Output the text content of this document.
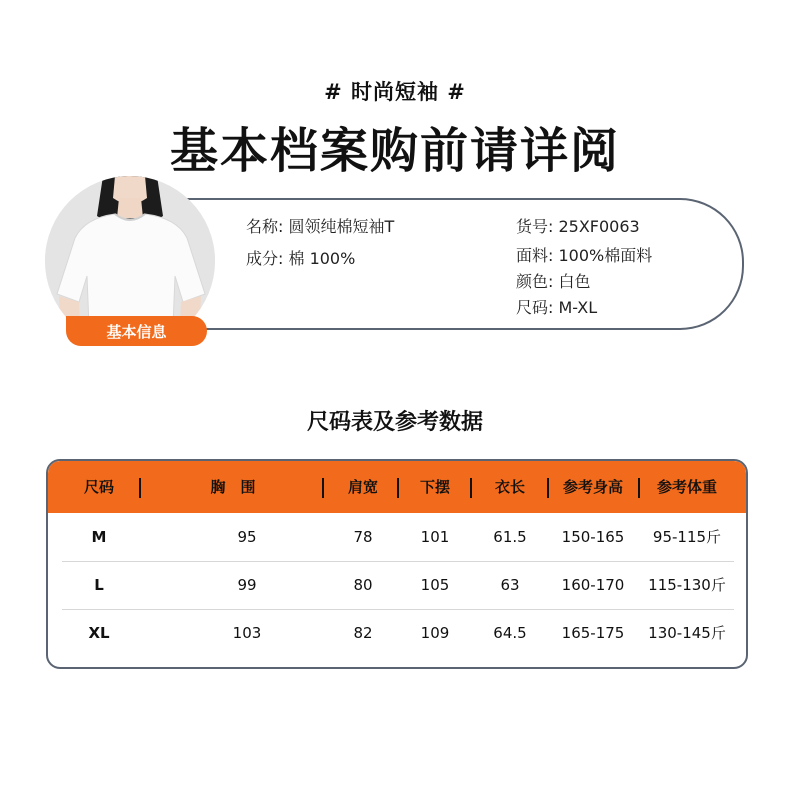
# 时尚短袖 #
基本档案购前请详阅
名称: 圆领纯棉短袖T
成分: 棉 100%
货号: 25XF0063
面料: 100%棉面料
颜色: 白色
尺码: M-XL
基本信息
尺码表及参考数据
尺码	胸　围	肩宽	下摆	衣长	参考身高	参考体重
M	95	78	101	61.5	150-165	95-115斤
L	99	80	105	63	160-170	115-130斤
XL	103	82	109	64.5	165-175	130-145斤
